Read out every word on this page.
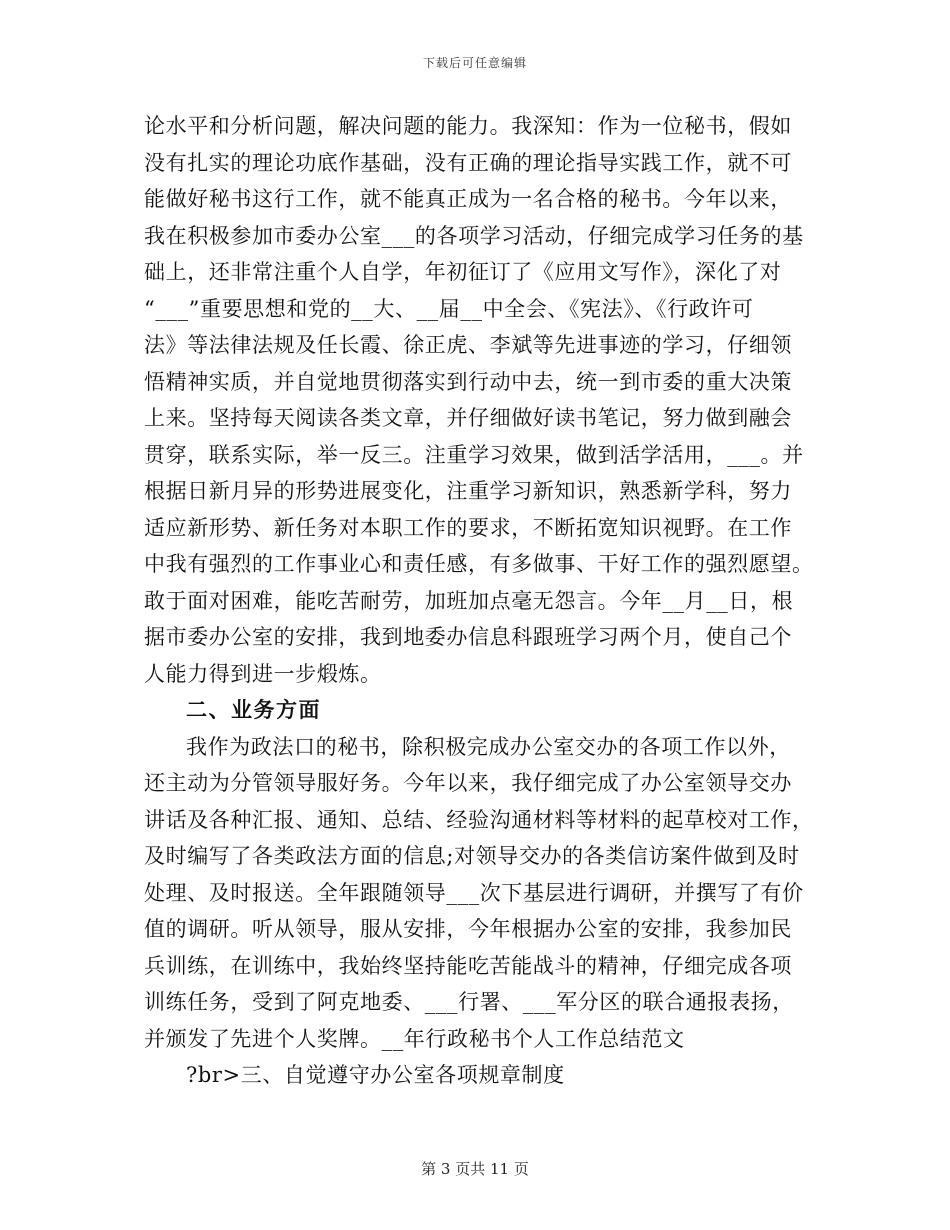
下载后可任意编辑
论水平和分析问题，解决问题的能力。我深知：作为一位秘书，假如
没有扎实的理论功底作基础，没有正确的理论指导实践工作，就不可
能做好秘书这行工作，就不能真正成为一名合格的秘书。今年以来，
我在积极参加市委办公室___的各项学习活动，仔细完成学习任务的基
础上，还非常注重个人自学，年初征订了《应用文写作》，深化了对
“___”重要思想和党的__大、__届__中全会、《宪法》、《行政许可
法》等法律法规及任长霞、徐正虎、李斌等先进事迹的学习，仔细领
悟精神实质，并自觉地贯彻落实到行动中去，统一到市委的重大决策
上来。坚持每天阅读各类文章，并仔细做好读书笔记，努力做到融会
贯穿，联系实际，举一反三。注重学习效果，做到活学活用，___。并
根据日新月异的形势进展变化，注重学习新知识，熟悉新学科，努力
适应新形势、新任务对本职工作的要求，不断拓宽知识视野。在工作
中我有强烈的工作事业心和责任感，有多做事、干好工作的强烈愿望。
敢于面对困难，能吃苦耐劳，加班加点毫无怨言。今年__月__日，根
据市委办公室的安排，我到地委办信息科跟班学习两个月，使自己个
人能力得到进一步煅炼。
二、业务方面
我作为政法口的秘书，除积极完成办公室交办的各项工作以外，
还主动为分管领导服好务。今年以来，我仔细完成了办公室领导交办
讲话及各种汇报、通知、总结、经验沟通材料等材料的起草校对工作，
及时编写了各类政法方面的信息;对领导交办的各类信访案件做到及时
处理、及时报送。全年跟随领导___次下基层进行调研，并撰写了有价
值的调研。听从领导，服从安排，今年根据办公室的安排，我参加民
兵训练，在训练中，我始终坚持能吃苦能战斗的精神，仔细完成各项
训练任务，受到了阿克地委、___行署、___军分区的联合通报表扬，
并颁发了先进个人奖牌。__年行政秘书个人工作总结范文
?br>三、自觉遵守办公室各项规章制度
第 3 页共 11 页
